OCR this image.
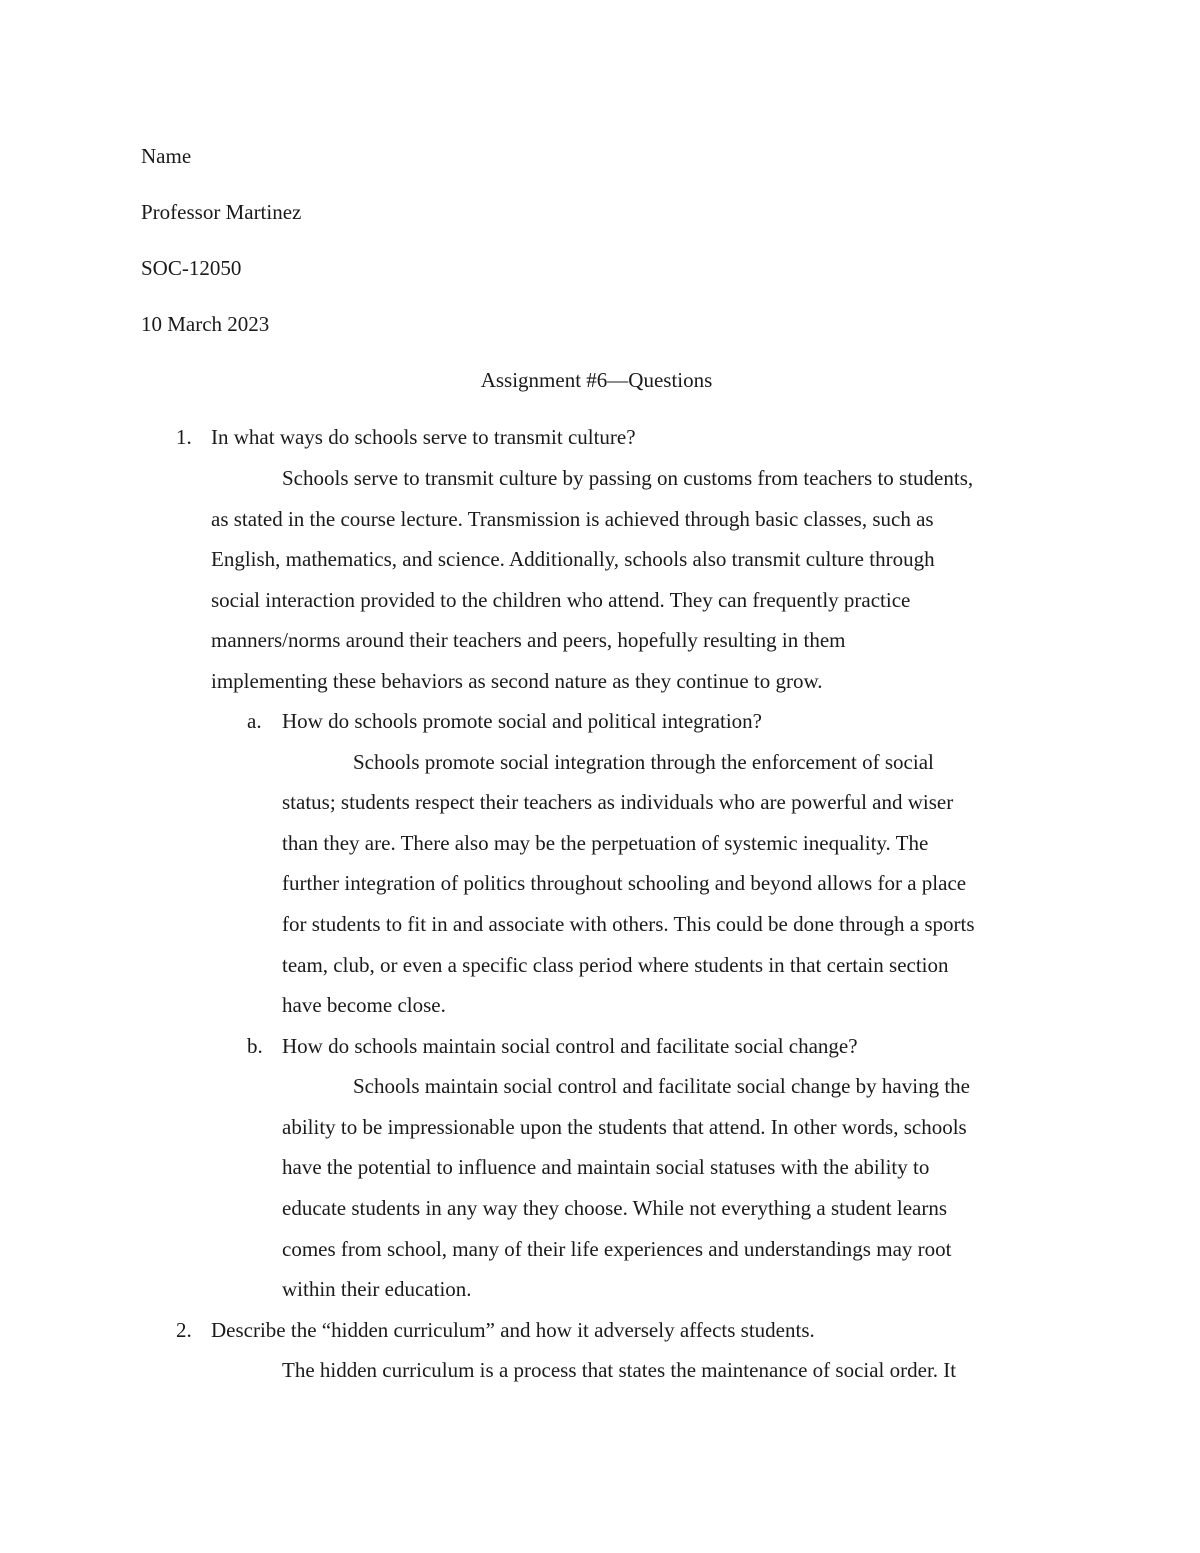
Name
Professor Martinez
SOC-12050
10 March 2023
Assignment #6—Questions
1. In what ways do schools serve to transmit culture?
Schools serve to transmit culture by passing on customs from teachers to students,
as stated in the course lecture. Transmission is achieved through basic classes, such as
English, mathematics, and science. Additionally, schools also transmit culture through
social interaction provided to the children who attend. They can frequently practice
manners/norms around their teachers and peers, hopefully resulting in them
implementing these behaviors as second nature as they continue to grow.
a. How do schools promote social and political integration?
Schools promote social integration through the enforcement of social
status; students respect their teachers as individuals who are powerful and wiser
than they are. There also may be the perpetuation of systemic inequality. The
further integration of politics throughout schooling and beyond allows for a place
for students to fit in and associate with others. This could be done through a sports
team, club, or even a specific class period where students in that certain section
have become close.
b. How do schools maintain social control and facilitate social change?
Schools maintain social control and facilitate social change by having the
ability to be impressionable upon the students that attend. In other words, schools
have the potential to influence and maintain social statuses with the ability to
educate students in any way they choose. While not everything a student learns
comes from school, many of their life experiences and understandings may root
within their education.
2. Describe the “hidden curriculum” and how it adversely affects students.
The hidden curriculum is a process that states the maintenance of social order. It
